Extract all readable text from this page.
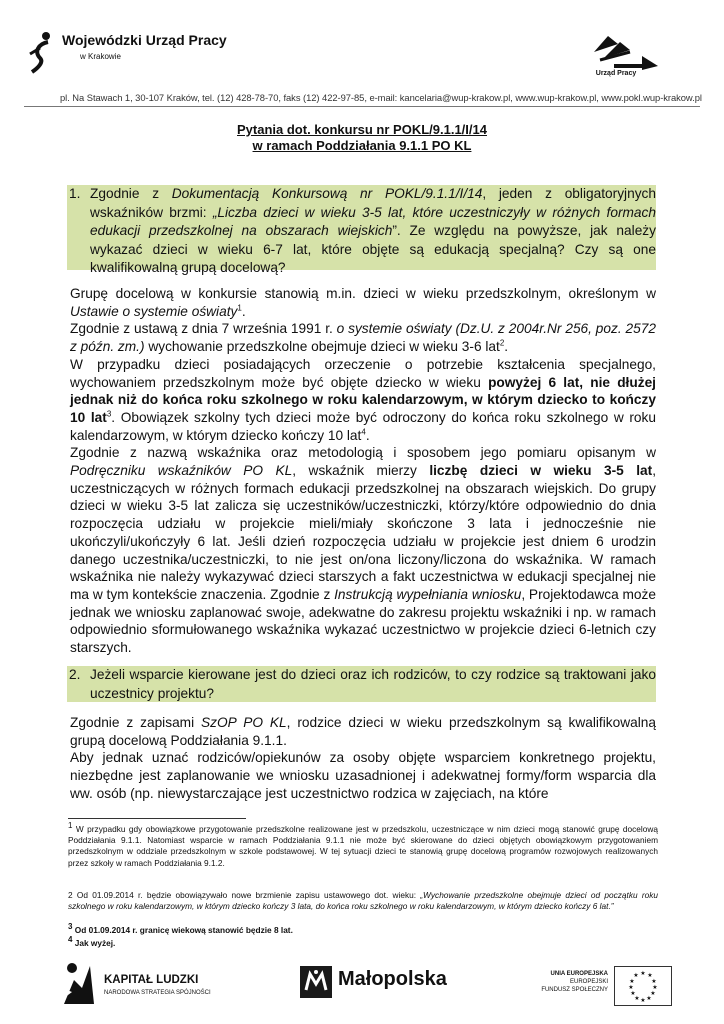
Wojewódzki Urząd Pracy
w Krakowie
Urząd Pracy
pl. Na Stawach 1, 30-107 Kraków, tel. (12) 428-78-70, faks (12) 422-97-85, e-mail: kancelaria@wup-krakow.pl, www.wup-krakow.pl, www.pokl.wup-krakow.pl
Pytania dot. konkursu nr POKL/9.1.1/I/14
w ramach Poddziałania 9.1.1 PO KL
1. Zgodnie z Dokumentacją Konkursową nr POKL/9.1.1/I/14, jeden z obligatoryjnych wskaźników brzmi: „Liczba dzieci w wieku 3-5 lat, które uczestniczyły w różnych formach edukacji przedszkolnej na obszarach wiejskich”. Ze względu na powyższe, jak należy wykazać dzieci w wieku 6-7 lat, które objęte są edukacją specjalną? Czy są one kwalifikowalną grupą docelową?

Grupę docelową w konkursie stanowią m.in. dzieci w wieku przedszkolnym, określonym w Ustawie o systemie oświaty$^1$.

Zgodnie z ustawą z dnia 7 września 1991 r. o systemie oświaty (Dz.U. z 2004r.Nr 256, poz. 2572 z późn. zm.) wychowanie przedszkolne obejmuje dzieci w wieku 3-6 lat$^2$.

W przypadku dzieci posiadających orzeczenie o potrzebie kształcenia specjalnego, wychowaniem przedszkolnym może być objęte dziecko w wieku powyżej 6 lat, nie dłużej jednak niż do końca roku szkolnego w roku kalendarzowym, w którym dziecko to kończy 10 lat$^3$. Obowiązek szkolny tych dzieci może być odroczony do końca roku szkolnego w roku kalendarzowym, w którym dziecko kończy 10 lat$^4$.

Zgodnie z nazwą wskaźnika oraz metodologią i sposobem jego pomiaru opisanym w Podręczniku wskaźników PO KL, wskaźnik mierzy liczbę dzieci w wieku 3-5 lat, uczestniczących w różnych formach edukacji przedszkolnej na obszarach wiejskich. Do grupy dzieci w wieku 3-5 lat zalicza się uczestników/uczestniczki, którzy/które odpowiednio do dnia rozpoczęcia udziału w projekcie mieli/miały skończone 3 lata i jednocześnie nie ukończyli/ukończyły 6 lat. Jeśli dzień rozpoczęcia udziału w projekcie jest dniem 6 urodzin danego uczestnika/uczestniczki, to nie jest on/ona liczony/liczona do wskaźnika. W ramach wskaźnika nie należy wykazywać dzieci starszych a fakt uczestnictwa w edukacji specjalnej nie ma w tym kontekście znaczenia. Zgodnie z Instrukcją wypełniania wniosku, Projektodawca może jednak we wniosku zaplanować swoje, adekwatne do zakresu projektu wskaźniki i np. w ramach odpowiednio sformułowanego wskaźnika wykazać uczestnictwo w projekcie dzieci 6-letnich czy starszych.

2. Jeżeli wsparcie kierowane jest do dzieci oraz ich rodziców, to czy rodzice są traktowani jako uczestnicy projektu?

Zgodnie z zapisami SzOP PO KL, rodzice dzieci w wieku przedszkolnym są kwalifikowalną grupą docelową Poddziałania 9.1.1.

Aby jednak uznać rodziców/opiekunów za osoby objęte wsparciem konkretnego projektu, niezbędne jest zaplanowanie we wniosku uzasadnionej i adekwatnej formy/form wsparcia dla ww. osób (np. niewystarczające jest uczestnictwo rodzica w zajęciach, na które

$^1$ W przypadku gdy obowiązkowe przygotowanie przedszkolne realizowane jest w przedszkolu, uczestniczące w nim dzieci mogą stanowić grupę docelową Poddziałania 9.1.1. Natomiast wsparcie w ramach Poddziałania 9.1.1 nie może być skierowane do dzieci objętych obowiązkowym przygotowaniem przedszkolnym w oddziale przedszkolnym w szkole podstawowej. W tej sytuacji dzieci te stanowią grupę docelową programów rozwojowych realizowanych przez szkoły w ramach Poddziałania 9.1.2.
2 Od 01.09.2014 r. będzie obowiązywało nowe brzmienie zapisu ustawowego dot. wieku: „Wychowanie przedszkolne obejmuje dzieci od początku roku szkolnego w roku kalendarzowym, w którym dziecko kończy 3 lata, do końca roku szkolnego w roku kalendarzowym, w którym dziecko kończy 6 lat.”
$^3$ Od 01.09.2014 r. granicę wiekową stanowić będzie 8 lat.
$^4$ Jak wyżej.
KAPITAŁ LUDZKI
NARODOWA STRATEGIA SPÓJNOŚCI
Małopolska	UNIA EUROPEJSKA
EUROPEJSKI
FUNDUSZ SPOŁECZNY
★ ★
★
★
★
★
★
★
★
★
★
★
